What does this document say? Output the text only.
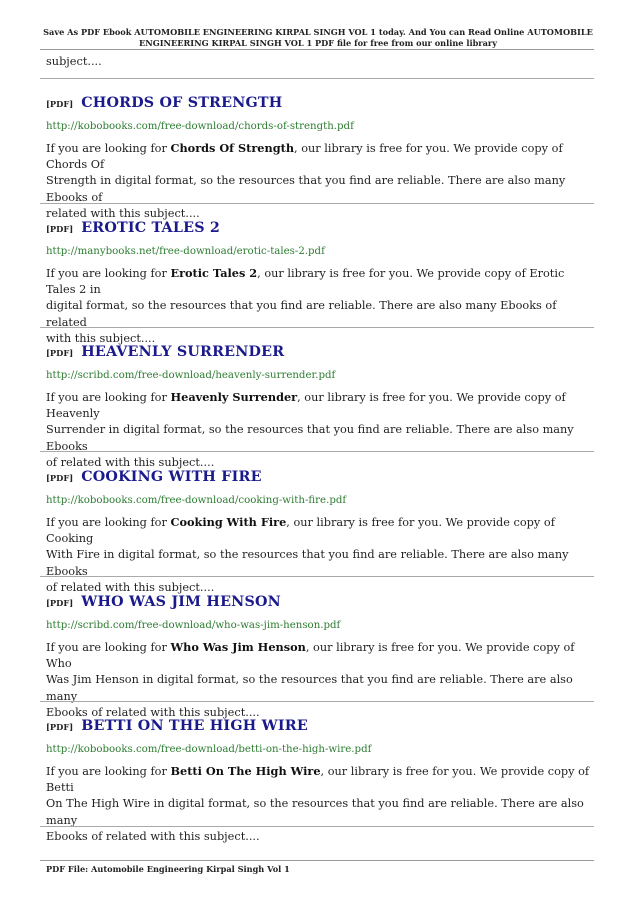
Save As PDF Ebook AUTOMOBILE ENGINEERING KIRPAL SINGH VOL 1 today. And You can Read Online AUTOMOBILE
ENGINEERING KIRPAL SINGH VOL 1 PDF file for free from our online library
subject....
[PDF] CHORDS OF STRENGTH
http://kobobooks.com/free-download/chords-of-strength.pdf
If you are looking for Chords Of Strength, our library is free for you. We provide copy of Chords Of
Strength in digital format, so the resources that you find are reliable. There are also many Ebooks of
related with this subject....
[PDF] EROTIC TALES 2
http://manybooks.net/free-download/erotic-tales-2.pdf
If you are looking for Erotic Tales 2, our library is free for you. We provide copy of Erotic Tales 2 in
digital format, so the resources that you find are reliable. There are also many Ebooks of related
with this subject....
[PDF] HEAVENLY SURRENDER
http://scribd.com/free-download/heavenly-surrender.pdf
If you are looking for Heavenly Surrender, our library is free for you. We provide copy of Heavenly
Surrender in digital format, so the resources that you find are reliable. There are also many Ebooks
of related with this subject....
[PDF] COOKING WITH FIRE
http://kobobooks.com/free-download/cooking-with-fire.pdf
If you are looking for Cooking With Fire, our library is free for you. We provide copy of Cooking
With Fire in digital format, so the resources that you find are reliable. There are also many Ebooks
of related with this subject....
[PDF] WHO WAS JIM HENSON
http://scribd.com/free-download/who-was-jim-henson.pdf
If you are looking for Who Was Jim Henson, our library is free for you. We provide copy of Who
Was Jim Henson in digital format, so the resources that you find are reliable. There are also many
Ebooks of related with this subject....
[PDF] BETTI ON THE HIGH WIRE
http://kobobooks.com/free-download/betti-on-the-high-wire.pdf
If you are looking for Betti On The High Wire, our library is free for you. We provide copy of Betti
On The High Wire in digital format, so the resources that you find are reliable. There are also many
Ebooks of related with this subject....
PDF File: Automobile Engineering Kirpal Singh Vol 1
